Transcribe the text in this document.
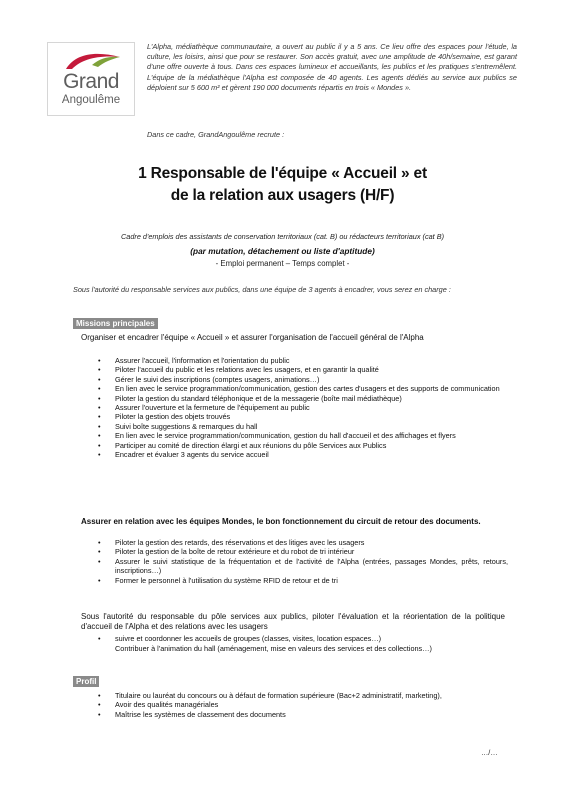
Grand
Angoulême

L'Alpha, médiathèque communautaire, a ouvert au public il y a 5 ans. Ce lieu offre des espaces pour l'étude, la culture, les loisirs, ainsi que pour se restaurer. Son accès gratuit, avec une amplitude de 40h/semaine, est garant d'une offre ouverte à tous. Dans ces espaces lumineux et accueillants, les publics et les pratiques s'entremêlent. L'équipe de la médiathèque l'Alpha est composée de 40 agents. Les agents dédiés au service aux publics se déploient sur 5 600 m² et gèrent 190 000 documents répartis en trois « Mondes ».

Dans ce cadre, GrandAngoulême recrute :

1 Responsable de l'équipe « Accueil » et
de la relation aux usagers (H/F)
Cadre d'emplois des assistants de conservation territoriaux (cat. B) ou rédacteurs territoriaux (cat B)
(par mutation, détachement ou liste d'aptitude)
- Emploi permanent – Temps complet -

Sous l'autorité du responsable services aux publics, dans une équipe de 3 agents à encadrer, vous serez en charge :

Missions principales

Organiser et encadrer l'équipe « Accueil » et assurer l'organisation de l'accueil général de l'Alpha

• Assurer l'accueil, l'information et l'orientation du public
• Piloter l'accueil du public et les relations avec les usagers, et en garantir la qualité
• Gérer le suivi des inscriptions (comptes usagers, animations…)
• En lien avec le service programmation/communication, gestion des cartes d'usagers et des supports de communication
• Piloter la gestion du standard téléphonique et de la messagerie (boîte mail médiathèque)
• Assurer l'ouverture et la fermeture de l'équipement au public
• Piloter la gestion des objets trouvés
• Suivi boîte suggestions & remarques du hall
• En lien avec le service programmation/communication, gestion du hall d'accueil et des affichages et flyers
• Participer au comité de direction élargi et aux réunions du pôle Services aux Publics
• Encadrer et évaluer 3 agents du service accueil

Assurer en relation avec les équipes Mondes, le bon fonctionnement du circuit de retour des documents.

• Piloter la gestion des retards, des réservations et des litiges avec les usagers
• Piloter la gestion de la boîte de retour extérieure et du robot de tri intérieur
• Assurer le suivi statistique de la fréquentation et de l'activité de l'Alpha (entrées, passages Mondes, prêts, retours, inscriptions…)
• Former le personnel à l'utilisation du système RFID de retour et de tri

Sous l'autorité du responsable du pôle services aux publics, piloter l'évaluation et la réorientation de la politique d'accueil de l'Alpha et des relations avec les usagers

• suivre et coordonner les accueils de groupes (classes, visites, location espaces…)

Contribuer à l'animation du hall (aménagement, mise en valeurs des services et des collections…)

Profil
• Titulaire ou lauréat du concours ou à défaut de formation supérieure (Bac+2 administratif, marketing),
• Avoir des qualités managériales
• Maîtrise les systèmes de classement des documents
…/…
